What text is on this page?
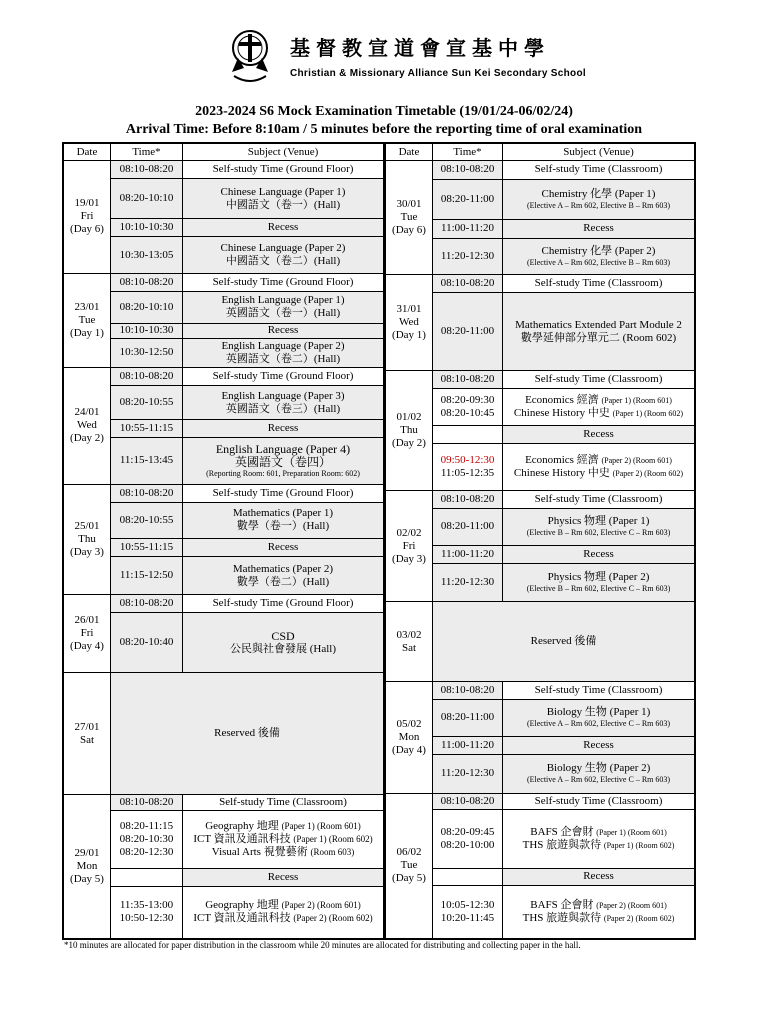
基督教宣道會宣基中學
Christian & Missionary Alliance Sun Kei Secondary School
2023-2024 S6 Mock Examination Timetable (19/01/24-06/02/24)
Arrival Time: Before 8:10am / 5 minutes before the reporting time of oral examination
Date	Time*	Subject (Venue)

19/01
Fri
(Day 6)	08:10-08:20	Self-study Time (Ground Floor)
	08:20-10:10	Chinese Language (Paper 1)
中國語文（卷一）(Hall)

	10:10-10:30	Recess
	10:30-13:05	Chinese Language (Paper 2)
中國語文（卷二）(Hall)

23/01
Tue
(Day 1)	08:10-08:20	Self-study Time (Ground Floor)
	08:20-10:10	English Language (Paper 1)
英國語文（卷一）(Hall)

	10:10-10:30	Recess
	10:30-12:50	English Language (Paper 2)
英國語文（卷二）(Hall)

24/01
Wed
(Day 2)	08:10-08:20	Self-study Time (Ground Floor)
	08:20-10:55	English Language (Paper 3)
英國語文（卷三）(Hall)

	10:55-11:15	Recess
	11:15-13:45	English Language (Paper 4)
英國語文（卷四）
(Reporting Room: 601, Preparation Room: 602)

25/01
Thu
(Day 3)	08:10-08:20	Self-study Time (Ground Floor)
	08:20-10:55	Mathematics (Paper 1)
數學（卷一）(Hall)

	10:55-11:15	Recess
	11:15-12:50	Mathematics (Paper 2)
數學（卷二）(Hall)

26/01
Fri
(Day 4)	08:10-08:20	Self-study Time (Ground Floor)
	08:20-10:40	CSD
公民與社會發展 (Hall)

27/01
Sat	Reserved 後備	

29/01
Mon
(Day 5)	08:10-08:20	Self-study Time (Classroom)

	08:20-11:15
08:20-10:30
08:20-12:30	Geography 地理 (Paper 1) (Room 601)
ICT 資訊及通訊科技 (Paper 1) (Room 602)
Visual Arts 視覺藝術 (Room 603)

		Recess

	11:35-13:00
10:50-12:30	Geography 地理 (Paper 2) (Room 601)
ICT 資訊及通訊科技 (Paper 2) (Room 602)
Date	Time*	Subject (Venue)

30/01
Tue
(Day 6)	08:10-08:20	Self-study Time (Classroom)
	08:20-11:00	Chemistry 化學 (Paper 1)
(Elective A – Rm 602, Elective B – Rm 603)

	11:00-11:20	Recess
	11:20-12:30	Chemistry 化學 (Paper 2)
(Elective A – Rm 602, Elective B – Rm 603)

31/01
Wed
(Day 1)	08:10-08:20	Self-study Time (Classroom)
	08:20-11:00	Mathematics Extended Part Module 2
數學延伸部分單元二 (Room 602)

01/02
Thu
(Day 2)	08:10-08:20	Self-study Time (Classroom)

	08:20-09:30
08:20-10:45	Economics 經濟 (Paper 1) (Room 601)
Chinese History 中史 (Paper 1) (Room 602)

		Recess

	09:50-12:30
11:05-12:35	Economics 經濟 (Paper 2) (Room 601)
Chinese History 中史 (Paper 2) (Room 602)

02/02
Fri
(Day 3)	08:10-08:20	Self-study Time (Classroom)
	08:20-11:00	Physics 物理 (Paper 1)
(Elective B – Rm 602, Elective C – Rm 603)

	11:00-11:20	Recess
	11:20-12:30	Physics 物理 (Paper 2)
(Elective B – Rm 602, Elective C – Rm 603)

03/02
Sat	Reserved 後備	

05/02
Mon
(Day 4)	08:10-08:20	Self-study Time (Classroom)
	08:20-11:00	Biology 生物 (Paper 1)
(Elective A – Rm 602, Elective C – Rm 603)

	11:00-11:20	Recess
	11:20-12:30	Biology 生物 (Paper 2)
(Elective A – Rm 602, Elective C – Rm 603)

06/02
Tue
(Day 5)	08:10-08:20	Self-study Time (Classroom)

	08:20-09:45
08:20-10:00	BAFS 企會財 (Paper 1) (Room 601)
THS 旅遊與款待 (Paper 1) (Room 602)

		Recess

	10:05-12:30
10:20-11:45	BAFS 企會財 (Paper 2) (Room 601)
THS 旅遊與款待 (Paper 2) (Room 602)
*10 minutes are allocated for paper distribution in the classroom while 20 minutes are allocated for distributing and collecting paper in the hall.
